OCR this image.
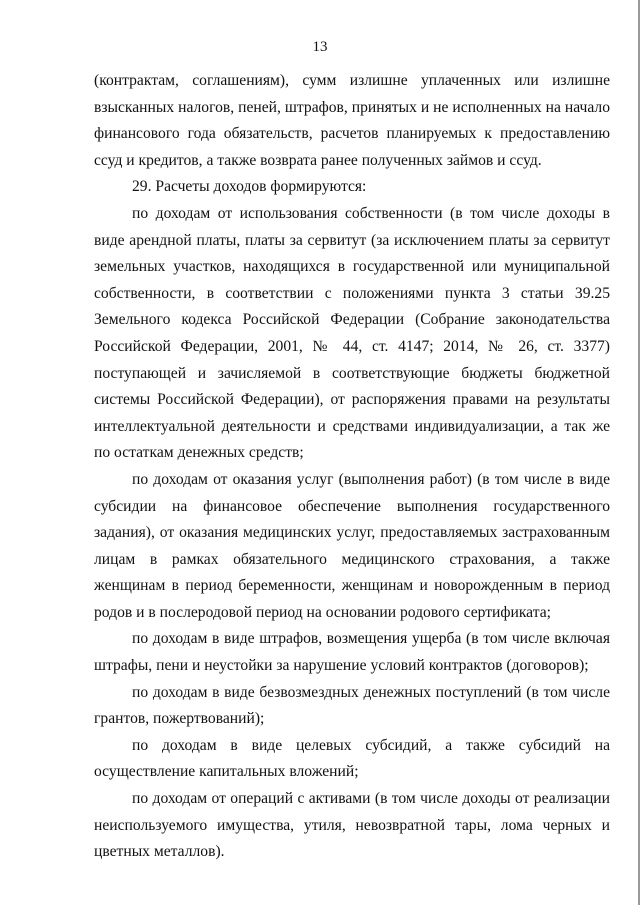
13

(контрактам, соглашениям), сумм излишне уплаченных или излишне взысканных налогов, пеней, штрафов, принятых и не исполненных на начало финансового года обязательств, расчетов планируемых к предоставлению ссуд и кредитов, а также возврата ранее полученных займов и ссуд.

29. Расчеты доходов формируются:

по доходам от использования собственности (в том числе доходы в виде арендной платы, платы за сервитут (за исключением платы за сервитут земельных участков, находящихся в государственной или муниципальной собственности, в соответствии с положениями пункта 3 статьи 39.25 Земельного кодекса Российской Федерации (Собрание законодательства Российской Федерации, 2001, № 44, ст. 4147; 2014, № 26, ст. 3377) поступающей и зачисляемой в соответствующие бюджеты бюджетной системы Российской Федерации), от распоряжения правами на результаты интеллектуальной деятельности и средствами индивидуализации, а так же по остаткам денежных средств;

по доходам от оказания услуг (выполнения работ) (в том числе в виде субсидии на финансовое обеспечение выполнения государственного задания), от оказания медицинских услуг, предоставляемых застрахованным лицам в рамках обязательного медицинского страхования, а также женщинам в период беременности, женщинам и новорожденным в период родов и в послеродовой период на основании родового сертификата;

по доходам в виде штрафов, возмещения ущерба (в том числе включая штрафы, пени и неустойки за нарушение условий контрактов (договоров);

по доходам в виде безвозмездных денежных поступлений (в том числе грантов, пожертвований);

по доходам в виде целевых субсидий, а также субсидий на осуществление капитальных вложений;

по доходам от операций с активами (в том числе доходы от реализации неиспользуемого имущества, утиля, невозвратной тары, лома черных и цветных металлов).
